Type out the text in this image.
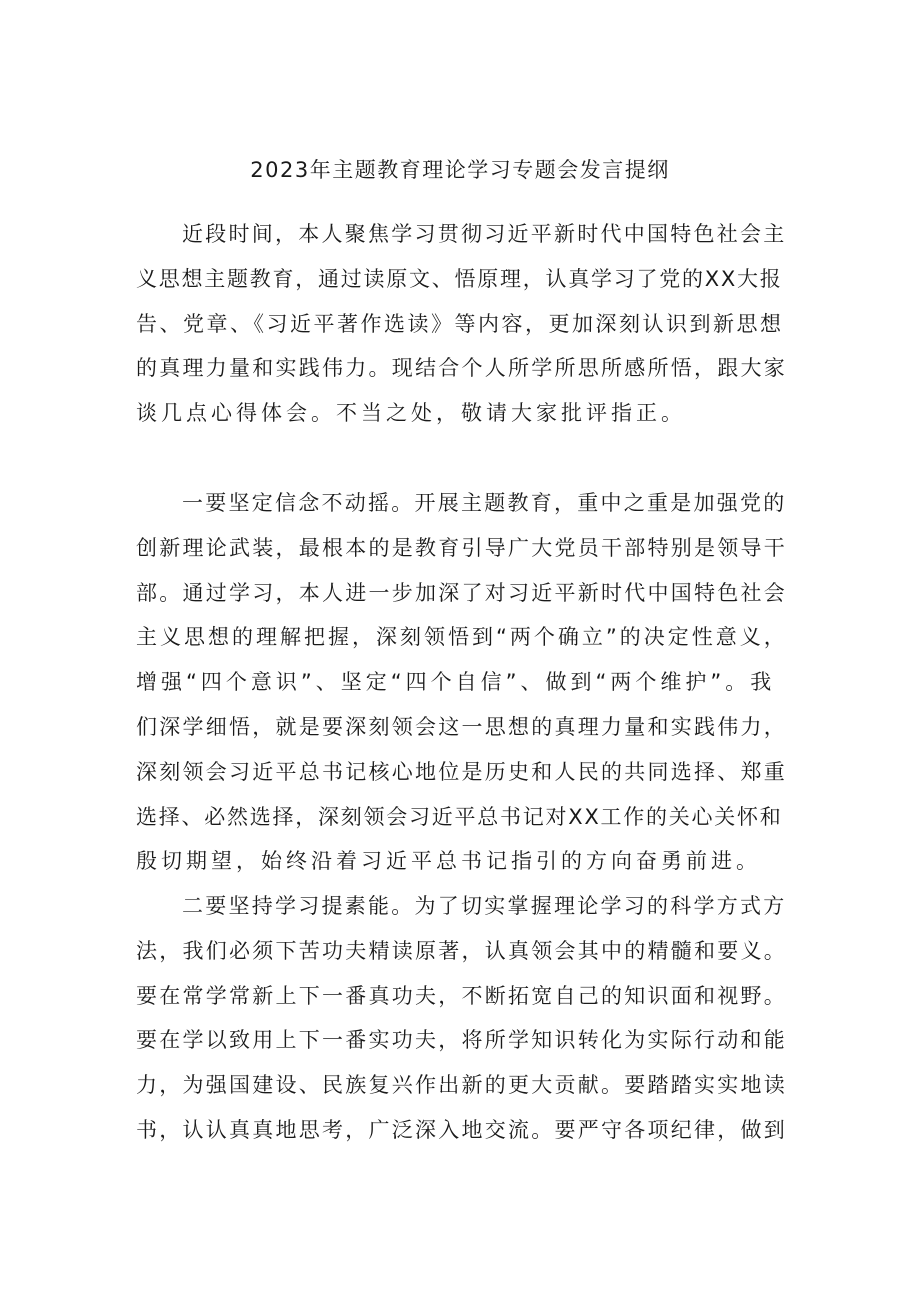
2023年主题教育理论学习专题会发言提纲
近段时间，本人聚焦学习贯彻习近平新时代中国特色社会主
义思想主题教育，通过读原文、悟原理，认真学习了党的XX大报
告、党章、《习近平著作选读》等内容，更加深刻认识到新思想
的真理力量和实践伟力。现结合个人所学所思所感所悟，跟大家
谈几点心得体会。不当之处，敬请大家批评指正。
一要坚定信念不动摇。开展主题教育，重中之重是加强党的
创新理论武装，最根本的是教育引导广大党员干部特别是领导干
部。通过学习，本人进一步加深了对习近平新时代中国特色社会
主义思想的理解把握，深刻领悟到“两个确立”的决定性意义，
增强“四个意识”、坚定“四个自信”、做到“两个维护”。我
们深学细悟，就是要深刻领会这一思想的真理力量和实践伟力，
深刻领会习近平总书记核心地位是历史和人民的共同选择、郑重
选择、必然选择，深刻领会习近平总书记对XX工作的关心关怀和
殷切期望，始终沿着习近平总书记指引的方向奋勇前进。
二要坚持学习提素能。为了切实掌握理论学习的科学方式方
法，我们必须下苦功夫精读原著，认真领会其中的精髓和要义。
要在常学常新上下一番真功夫，不断拓宽自己的知识面和视野。
要在学以致用上下一番实功夫，将所学知识转化为实际行动和能
力，为强国建设、民族复兴作出新的更大贡献。要踏踏实实地读
书，认认真真地思考，广泛深入地交流。要严守各项纪律，做到
